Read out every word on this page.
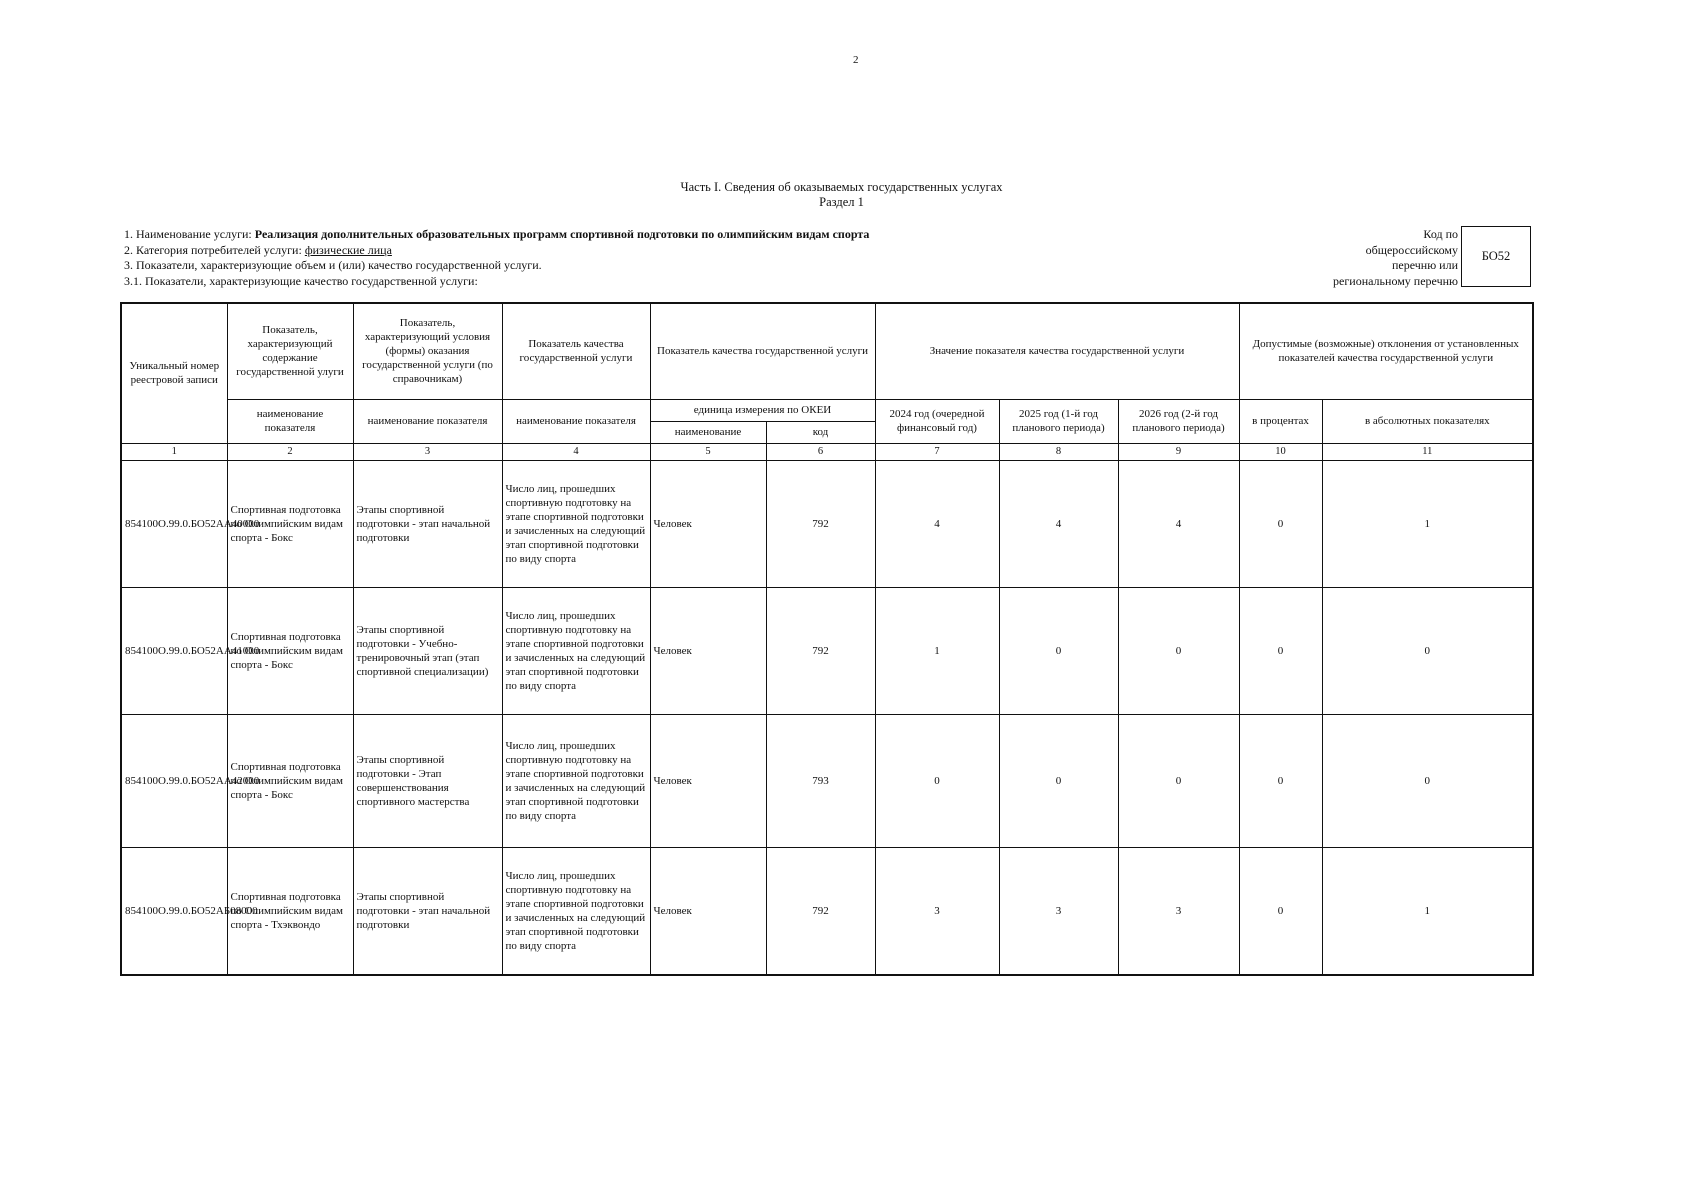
2
Часть I. Сведения об оказываемых государственных услугах
Раздел 1
1. Наименование услуги: Реализация дополнительных образовательных программ спортивной подготовки по олимпийским видам спорта
2. Категория потребителей услуги: физические лица
3. Показатели, характеризующие объем и (или) качество государственной услуги.
3.1. Показатели, характеризующие качество государственной услуги:
Код по
общероссийскому
перечню или
региональному перечню
БО52
Уникальный номер реестровой записи	Показатель, характеризующий содержание государственной улуги	Показатель, характеризующий условия (формы) оказания государственной услуги (по справочникам)	Показатель качества государственной услуги	Показатель качества государственной услуги		Значение показателя качества государственной услуги			Допустимые (возможные) отклонения от установленных показателей качества государственной услуги	
	наименование показателя	наименование показателя	наименование показателя	единица измерения по ОКЕИ		2024 год (очередной финансовый год)	2025 год (1-й год планового периода)	2026 год (2-й год планового периода)	в процентах	в абсолютных показателях
				наименование	код					
1	2	3	4	5	6	7	8	9	10	11
854100О.99.0.БО52АА40000	Спортивная подготовка по Олимпийским видам спорта - Бокс	Этапы спортивной подготовки - этап начальной подготовки	Число лиц, прошедших спортивную подготовку на этапе спортивной подготовки и зачисленных на следующий этап спортивной подготовки по виду спорта	Человек	792	4	4	4	0	1
854100О.99.0.БО52АА41000	Спортивная подготовка по Олимпийским видам спорта - Бокс	Этапы спортивной подготовки - Учебно-тренировочный этап (этап спортивной специализации)	Число лиц, прошедших спортивную подготовку на этапе спортивной подготовки и зачисленных на следующий этап спортивной подготовки по виду спорта	Человек	792	1	0	0	0	0
854100О.99.0.БО52АА42000	Спортивная подготовка по Олимпийским видам спорта - Бокс	Этапы спортивной подготовки - Этап совершенствования спортивного мастерства	Число лиц, прошедших спортивную подготовку на этапе спортивной подготовки и зачисленных на следующий этап спортивной подготовки по виду спорта	Человек	793	0	0	0	0	0
854100О.99.0.БО52АБ08000	Спортивная подготовка по Олимпийским видам спорта - Тхэквондо	Этапы спортивной подготовки - этап начальной подготовки	Число лиц, прошедших спортивную подготовку на этапе спортивной подготовки и зачисленных на следующий этап спортивной подготовки по виду спорта	Человек	792	3	3	3	0	1
